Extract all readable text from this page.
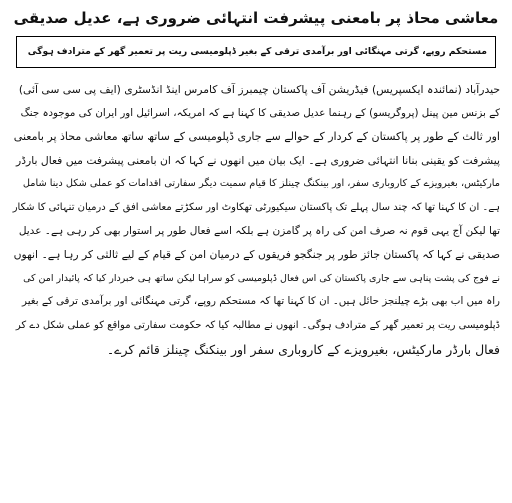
معاشی محاذ پر بامعنی پیشرفت انتہائی ضروری ہے، عدیل صدیقی
مستحکم روپے، گرتی مہنگائی اور برآمدی ترقی کے بغیر ڈپلومیسی ریت پر تعمیر گھر کے مترادف ہوگی
حیدرآباد (نمائندہ ایکسپریس) فیڈریشن آف پاکستان چیمبرز آف کامرس اینڈ انڈسٹری (ایف پی سی سی آئی)
کے بزنس مین پینل (پروگریسو) کے رہنما عدیل صدیقی کا کہنا ہے کہ امریکہ، اسرائیل اور ایران کی موجودہ جنگ
اور ثالث کے طور پر پاکستان کے کردار کے حوالے سے جاری ڈپلومیسی کے ساتھ ساتھ معاشی محاذ پر بامعنی
پیشرفت کو یقینی بنانا انتہائی ضروری ہے۔ ایک بیان میں انھوں نے کہا کہ ان بامعنی پیشرفت میں فعال بارڈر
مارکیٹس، بغیرویزے کے کاروباری سفر، اور بینکنگ چینلز کا قیام سمیت دیگر سفارتی اقدامات کو عملی شکل دینا شامل
ہے۔ ان کا کہنا تھا کہ چند سال پہلے تک پاکستان سیکیورٹی تھکاوٹ اور سکڑتے معاشی افق کے درمیان تنہائی کا شکار
تھا لیکن آج یہی قوم نہ صرف امن کی راہ پر گامزن ہے بلکہ اسے فعال طور پر استوار بھی کر رہی ہے۔ عدیل
صدیقی نے کہا کہ پاکستان جائز طور پر جنگجو فریقوں کے درمیان امن کے قیام کے لیے ثالثی کر رہا ہے۔ انھوں
نے فوج کی پشت پناہی سے جاری پاکستان کی اس فعال ڈپلومیسی کو سراہا لیکن ساتھ ہی خبردار کیا کہ پائیدار امن کی
راہ میں اب بھی بڑے چیلنجز حائل ہیں۔ ان کا کہنا تھا کہ مستحکم روپے، گرتی مہنگائی اور برآمدی ترقی کے بغیر
ڈپلومیسی ریت پر تعمیر گھر کے مترادف ہوگی۔ انھوں نے مطالبہ کیا کہ حکومت سفارتی مواقع کو عملی شکل دے کر
فعال بارڈر مارکیٹس، بغیرویزے کے کاروباری سفر اور بینکنگ چینلز قائم کرے۔
